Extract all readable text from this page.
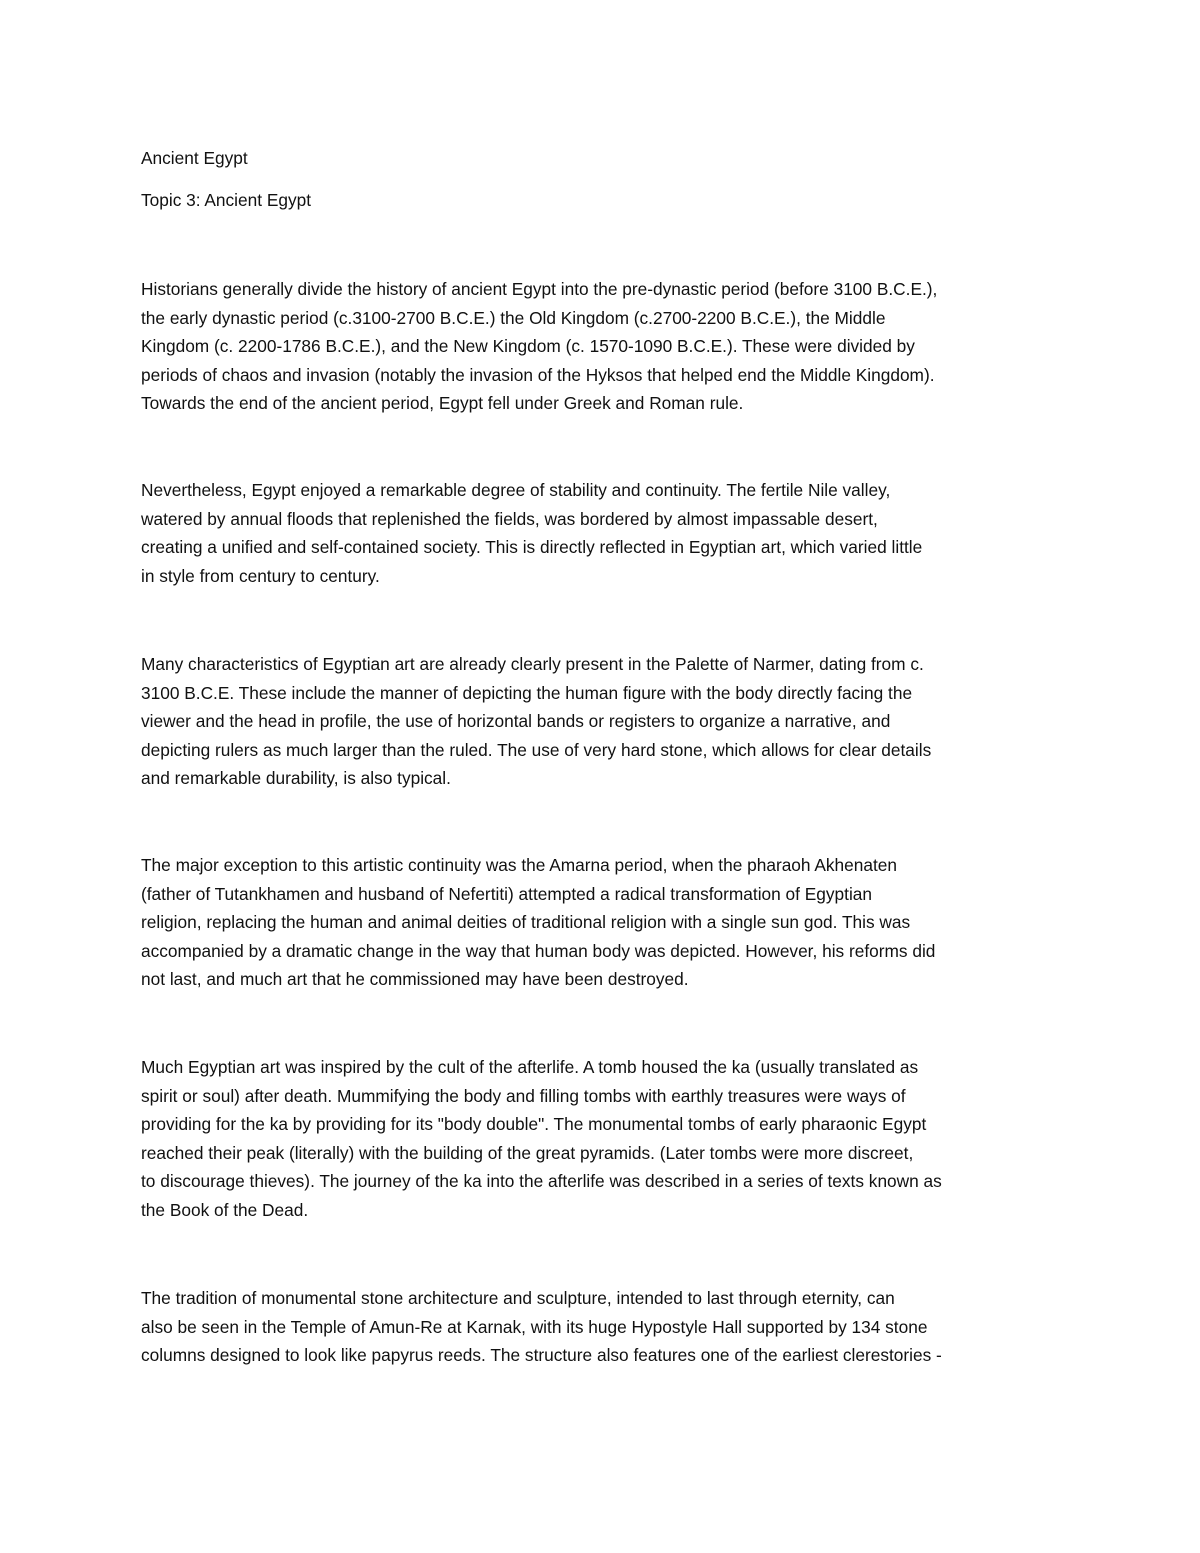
Ancient Egypt
Topic 3: Ancient Egypt
Historians generally divide the history of ancient Egypt into the pre-dynastic period (before 3100 B.C.E.),
the early dynastic period (c.3100-2700 B.C.E.) the Old Kingdom (c.2700-2200 B.C.E.), the Middle
Kingdom (c. 2200-1786 B.C.E.), and the New Kingdom (c. 1570-1090 B.C.E.). These were divided by
periods of chaos and invasion (notably the invasion of the Hyksos that helped end the Middle Kingdom).
Towards the end of the ancient period, Egypt fell under Greek and Roman rule.
Nevertheless, Egypt enjoyed a remarkable degree of stability and continuity. The fertile Nile valley,
watered by annual floods that replenished the fields, was bordered by almost impassable desert,
creating a unified and self-contained society. This is directly reflected in Egyptian art, which varied little
in style from century to century.
Many characteristics of Egyptian art are already clearly present in the Palette of Narmer, dating from c.
3100 B.C.E. These include the manner of depicting the human figure with the body directly facing the
viewer and the head in profile, the use of horizontal bands or registers to organize a narrative, and
depicting rulers as much larger than the ruled. The use of very hard stone, which allows for clear details
and remarkable durability, is also typical.
The major exception to this artistic continuity was the Amarna period, when the pharaoh Akhenaten
(father of Tutankhamen and husband of Nefertiti) attempted a radical transformation of Egyptian
religion, replacing the human and animal deities of traditional religion with a single sun god. This was
accompanied by a dramatic change in the way that human body was depicted. However, his reforms did
not last, and much art that he commissioned may have been destroyed.
Much Egyptian art was inspired by the cult of the afterlife. A tomb housed the ka (usually translated as
spirit or soul) after death. Mummifying the body and filling tombs with earthly treasures were ways of
providing for the ka by providing for its "body double". The monumental tombs of early pharaonic Egypt
reached their peak (literally) with the building of the great pyramids. (Later tombs were more discreet,
to discourage thieves). The journey of the ka into the afterlife was described in a series of texts known as
the Book of the Dead.
The tradition of monumental stone architecture and sculpture, intended to last through eternity, can
also be seen in the Temple of Amun-Re at Karnak, with its huge Hypostyle Hall supported by 134 stone
columns designed to look like papyrus reeds. The structure also features one of the earliest clerestories -
